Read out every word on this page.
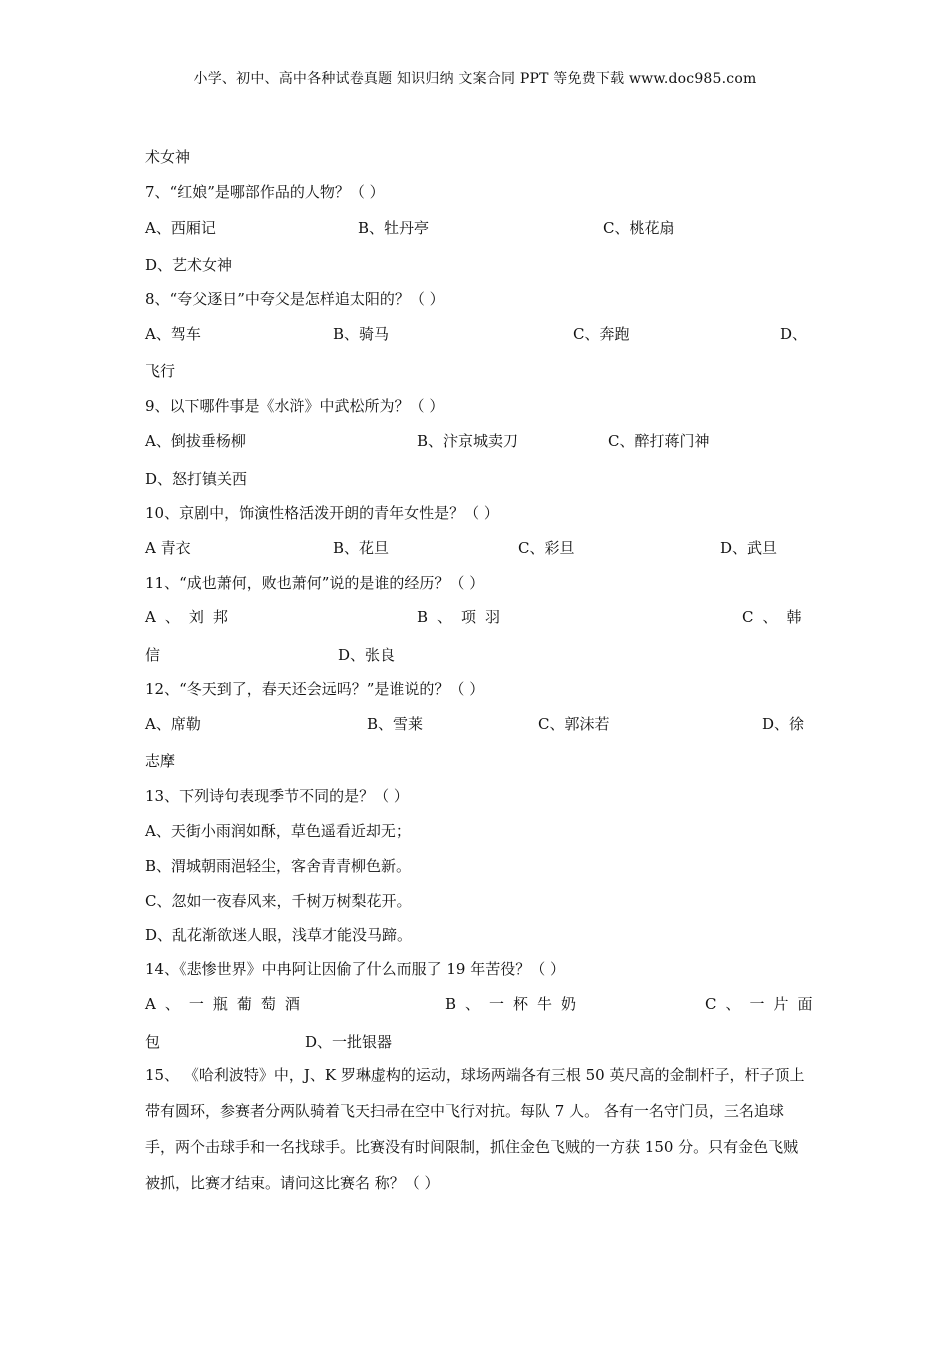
小学、初中、高中各种试卷真题 知识归纳 文案合同 PPT 等免费下载 www.doc985.com
术女神
7、“红娘”是哪部作品的人物？（ ）
A、西厢记	B、牡丹亭	C、桃花扇
D、艺术女神
8、“夸父逐日”中夸父是怎样追太阳的？（ ）
A、驾车	B、骑马	C、奔跑	D、
飞行
9、以下哪件事是《水浒》中武松所为？（ ）
A、倒拔垂杨柳	B、汴京城卖刀	C、醉打蒋门神
D、怒打镇关西
10、京剧中，饰演性格活泼开朗的青年女性是？（ ）
A 青衣	B、花旦	C、彩旦	D、武旦
11、“成也萧何，败也萧何”说的是谁的经历？（ ）
A、刘邦	B、项羽	C、韩
信	D、张良
12、“冬天到了，春天还会远吗？”是谁说的？（ ）
A、席勒	B、雪莱	C、郭沫若	D、徐
志摩
13、下列诗句表现季节不同的是？（ ）
A、天街小雨润如酥，草色遥看近却无；
B、渭城朝雨浥轻尘，客舍青青柳色新。
C、忽如一夜春风来，千树万树梨花开。
D、乱花渐欲迷人眼，浅草才能没马蹄。
14、《悲惨世界》中冉阿让因偷了什么而服了 19 年苦役？（ ）
A、一瓶葡萄酒	B、一杯牛奶	C、一片面
包	D、一批银器
15、 《哈利波特》中，J、K 罗琳虚构的运动，球场两端各有三根 50 英尺高的金制杆子，杆子顶上带有圆环，参赛者分两队骑着飞天扫帚在空中飞行对抗。每队 7 人。 各有一名守门员，三名追球手，两个击球手和一名找球手。比赛没有时间限制，抓住金色飞贼的一方获 150 分。只有金色飞贼被抓，比赛才结束。请问这比赛名 称？（ ）
